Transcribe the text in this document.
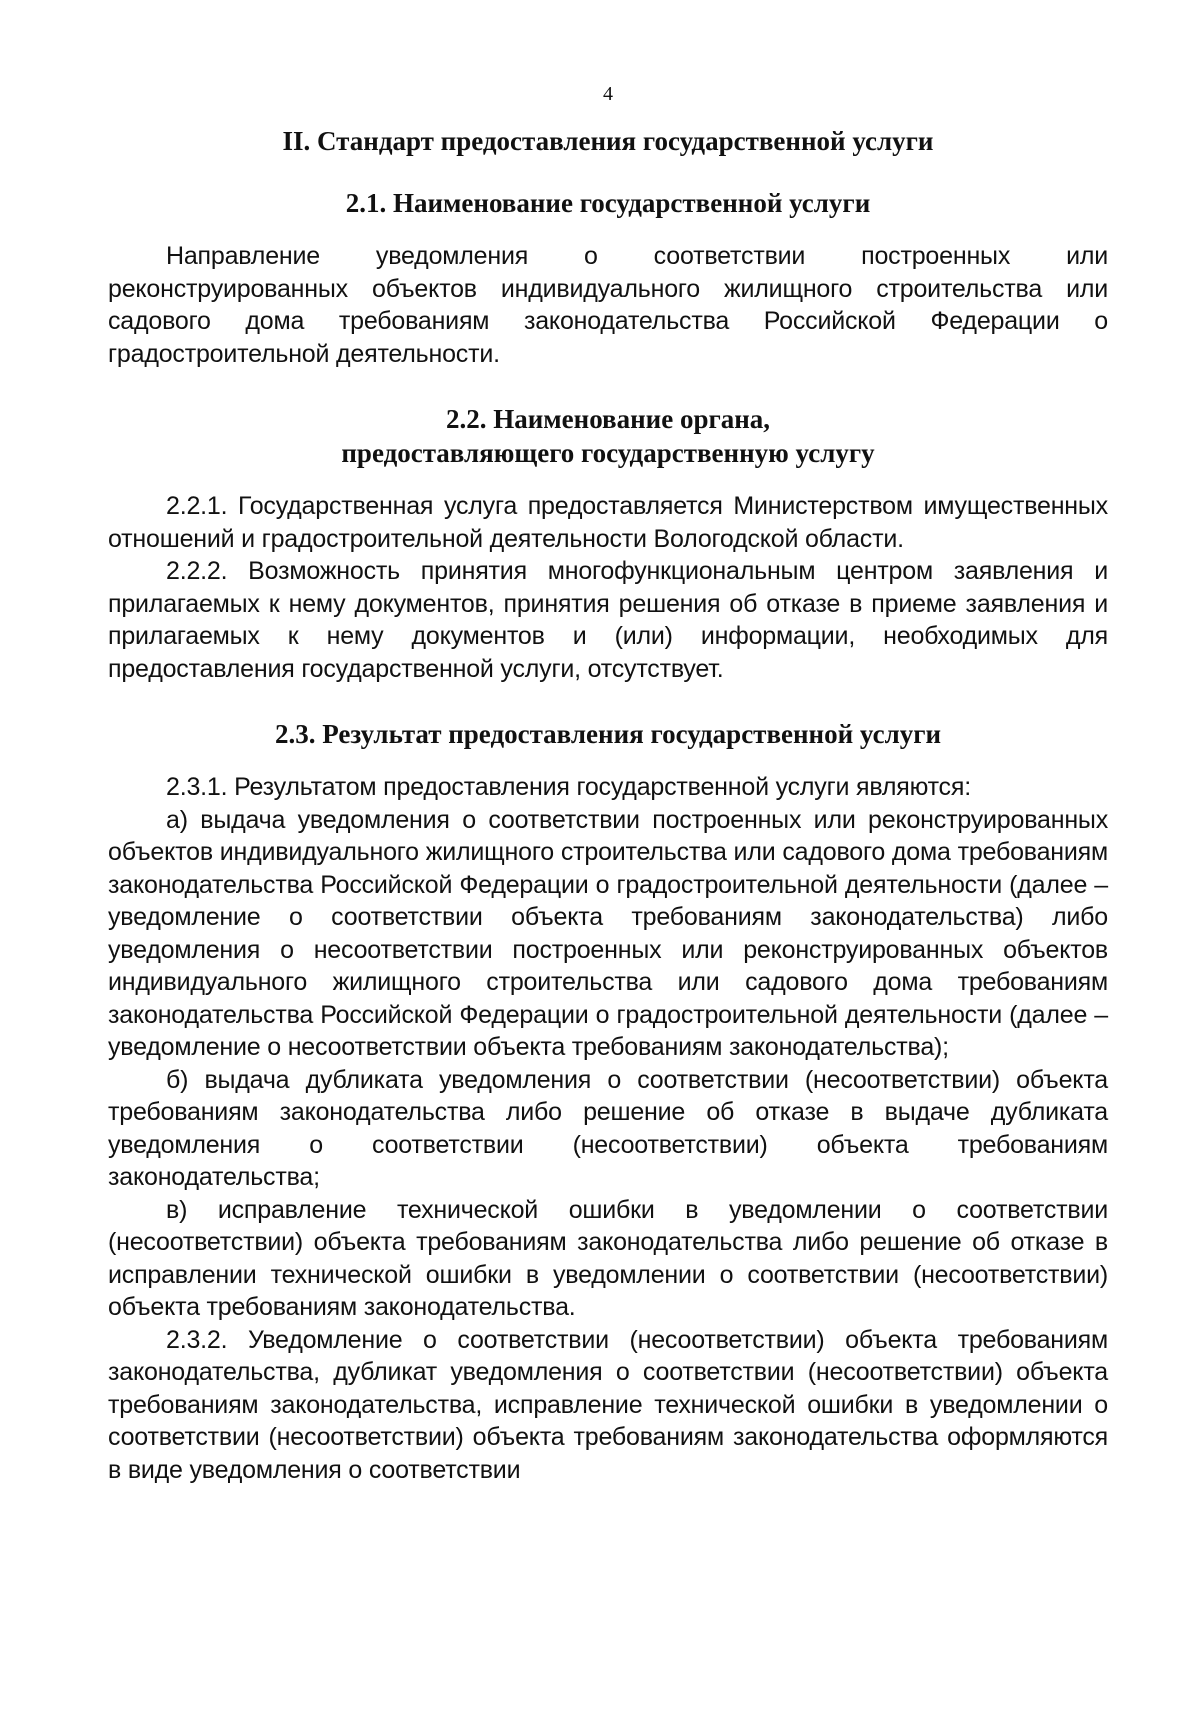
4
II. Стандарт предоставления государственной услуги
2.1. Наименование государственной услуги

Направление уведомления о соответствии построенных или реконструированных объектов индивидуального жилищного строительства или садового дома требованиям законодательства Российской Федерации о градостроительной деятельности.

2.2. Наименование органа,
предоставляющего государственную услугу

2.2.1. Государственная услуга предоставляется Министерством имущественных отношений и градостроительной деятельности Вологодской области.

2.2.2. Возможность принятия многофункциональным центром заявления и прилагаемых к нему документов, принятия решения об отказе в приеме заявления и прилагаемых к нему документов и (или) информации, необходимых для предоставления государственной услуги, отсутствует.

2.3. Результат предоставления государственной услуги

2.3.1. Результатом предоставления государственной услуги являются:

а) выдача уведомления о соответствии построенных или реконструированных объектов индивидуального жилищного строительства или садового дома требованиям законодательства Российской Федерации о градостроительной деятельности (далее – уведомление о соответствии объекта требованиям законодательства) либо уведомления о несоответствии построенных или реконструированных объектов индивидуального жилищного строительства или садового дома требованиям законодательства Российской Федерации о градостроительной деятельности (далее – уведомление о несоответствии объекта требованиям законодательства);

б) выдача дубликата уведомления о соответствии (несоответствии) объекта требованиям законодательства либо решение об отказе в выдаче дубликата уведомления о соответствии (несоответствии) объекта требованиям законодательства;

в) исправление технической ошибки в уведомлении о соответствии (несоответствии) объекта требованиям законодательства либо решение об отказе в исправлении технической ошибки в уведомлении о соответствии (несоответствии) объекта требованиям законодательства.

2.3.2. Уведомление о соответствии (несоответствии) объекта требованиям законодательства, дубликат уведомления о соответствии (несоответствии) объекта требованиям законодательства, исправление технической ошибки в уведомлении о соответствии (несоответствии) объекта требованиям законодательства оформляются в виде уведомления о соответствии
